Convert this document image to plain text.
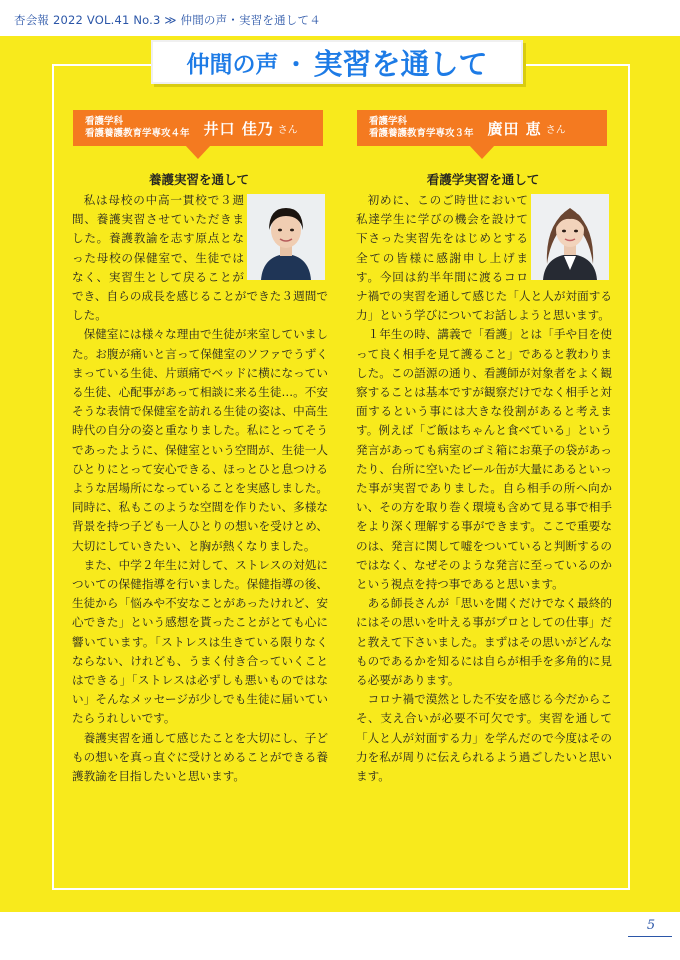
杏会報 2022 VOL.41 No.3 ≫ 仲間の声・実習を通して４
仲間の声 ・ 実習を通して
看護学科
看護養護教育学専攻４年 井口 佳乃 さん
看護学科
看護養護教育学専攻３年 廣田 恵 さん
養護実習を通して	看護学実習を通して

私は母校の中高一貫校で３週間、養護実習させていただきました。養護教諭を志す原点となった母校の保健室で、生徒ではなく、実習生として戻ることができ、自らの成長を感じることができた３週間でした。

保健室には様々な理由で生徒が来室していました。お腹が痛いと言って保健室のソファでうずくまっている生徒、片頭痛でベッドに横になっている生徒、心配事があって相談に来る生徒…。不安そうな表情で保健室を訪れる生徒の姿は、中高生時代の自分の姿と重なりました。私にとってそうであったように、保健室という空間が、生徒一人ひとりにとって安心できる、ほっとひと息つけるような居場所になっていることを実感しました。同時に、私もこのような空間を作りたい、多様な背景を持つ子ども一人ひとりの想いを受けとめ、大切にしていきたい、と胸が熱くなりました。

また、中学２年生に対して、ストレスの対処についての保健指導を行いました。保健指導の後、生徒から「悩みや不安なことがあったけれど、安心できた」という感想を貰ったことがとても心に響いています。「ストレスは生きている限りなくならない、けれども、うまく付き合っていくことはできる」「ストレスは必ずしも悪いものではない」そんなメッセージが少しでも生徒に届いていたらうれしいです。

養護実習を通して感じたことを大切にし、子どもの想いを真っ直ぐに受けとめることができる養護教諭を目指したいと思います。

初めに、このご時世において私達学生に学びの機会を設けて下さった実習先をはじめとする全ての皆様に感謝申し上げます。今回は約半年間に渡るコロナ禍での実習を通して感じた「人と人が対面する力」という学びについてお話しようと思います。

１年生の時、講義で「看護」とは「手や目を使って良く相手を見て護ること」であると教わりました。この語源の通り、看護師が対象者をよく観察することは基本ですが観察だけでなく相手と対面するという事には大きな役割があると考えます。例えば「ご飯はちゃんと食べている」という発言があっても病室のゴミ箱にお菓子の袋があったり、台所に空いたビール缶が大量にあるといった事が実習でありました。自ら相手の所へ向かい、その方を取り巻く環境も含めて見る事で相手をより深く理解する事ができます。ここで重要なのは、発言に関して嘘をついていると判断するのではなく、なぜそのような発言に至っているのかという視点を持つ事であると思います。

ある師長さんが「思いを聞くだけでなく最終的にはその思いを叶える事がプロとしての仕事」だと教えて下さいました。まずはその思いがどんなものであるかを知るには自らが相手を多角的に見る必要があります。

コロナ禍で漠然とした不安を感じる今だからこそ、支え合いが必要不可欠です。実習を通して「人と人が対面する力」を学んだので今度はその力を私が周りに伝えられるよう過ごしたいと思います。

5
